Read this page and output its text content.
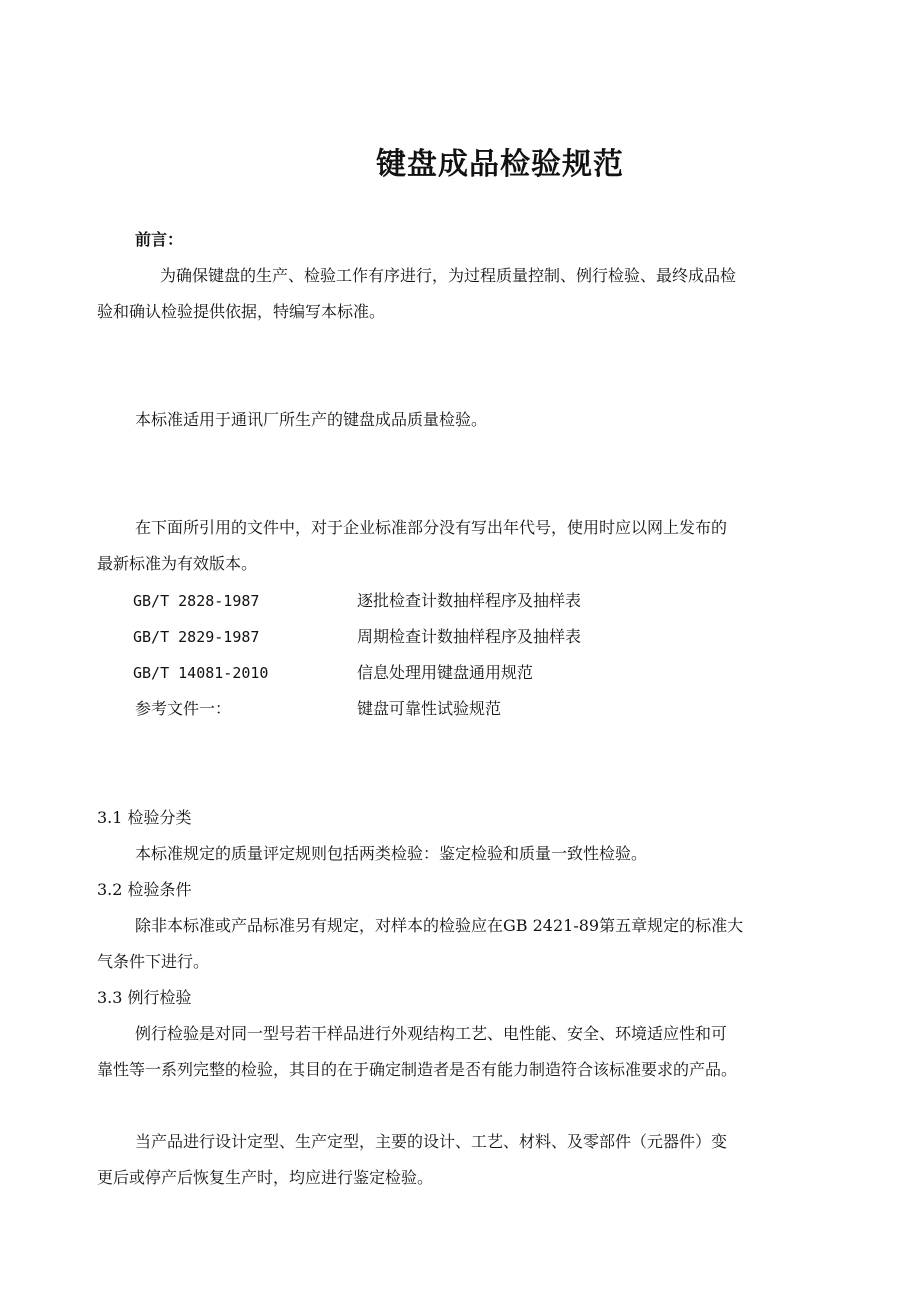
键盘成品检验规范
前言：
为确保键盘的生产、检验工作有序进行，为过程质量控制、例行检验、最终成品检
验和确认检验提供依据，特编写本标准。
本标准适用于通讯厂所生产的键盘成品质量检验。
在下面所引用的文件中，对于企业标准部分没有写出年代号，使用时应以网上发布的
最新标准为有效版本。
GB/T 2828-1987	逐批检查计数抽样程序及抽样表
GB/T 2829-1987	周期检查计数抽样程序及抽样表
GB/T 14081-2010	信息处理用键盘通用规范
参考文件一：	键盘可靠性试验规范
3.1 检验分类
本标准规定的质量评定规则包括两类检验：鉴定检验和质量一致性检验。
3.2 检验条件
除非本标准或产品标准另有规定，对样本的检验应在GB 2421-89第五章规定的标准大
气条件下进行。
3.3 例行检验
例行检验是对同一型号若干样品进行外观结构工艺、电性能、安全、环境适应性和可
靠性等一系列完整的检验，其目的在于确定制造者是否有能力制造符合该标准要求的产品。
当产品进行设计定型、生产定型，主要的设计、工艺、材料、及零部件（元器件）变
更后或停产后恢复生产时，均应进行鉴定检验。
